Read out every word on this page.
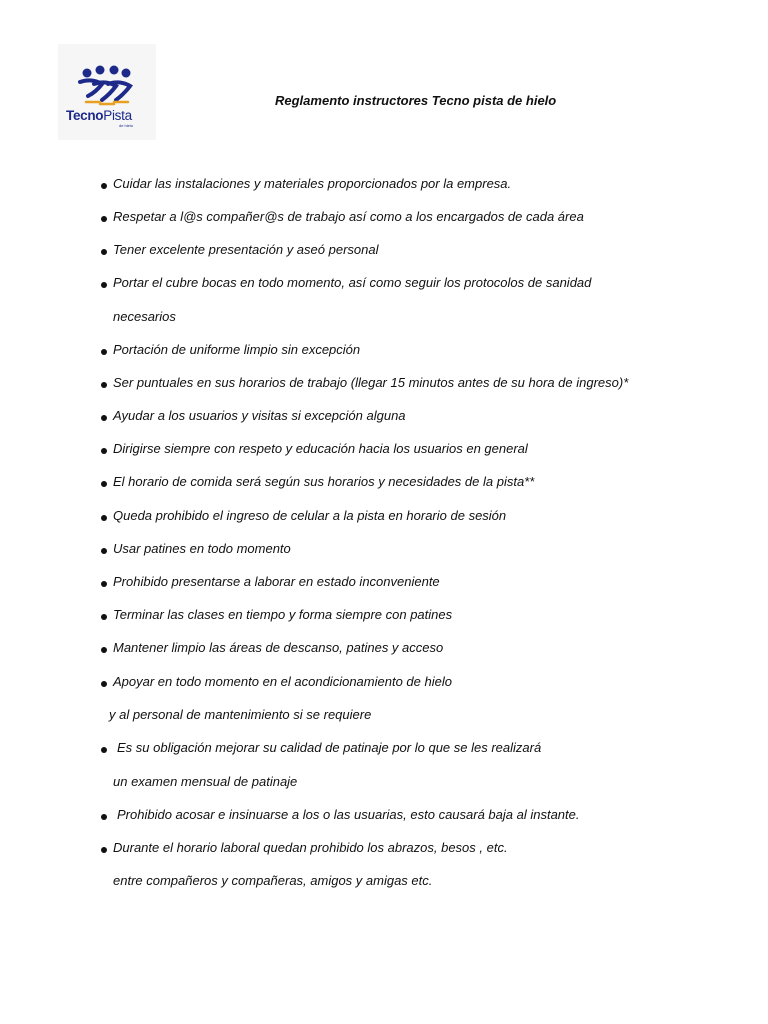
TecnoPista
de hielo
Reglamento instructores Tecno pista de hielo
Cuidar las instalaciones y materiales proporcionados por la empresa.
Respetar a l@s compañer@s de trabajo así como a los encargados de cada área
Tener excelente presentación y aseó personal
Portar el cubre bocas en todo momento, así como seguir los protocolos de sanidad
necesarios
Portación de uniforme limpio sin excepción
Ser puntuales en sus horarios de trabajo (llegar 15 minutos antes de su hora de ingreso)*
Ayudar a los usuarios y visitas si excepción alguna
Dirigirse siempre con respeto y educación hacia los usuarios en general
El horario de comida será según sus horarios y necesidades de la pista**
Queda prohibido el ingreso de celular a la pista en horario de sesión
Usar patines en todo momento
Prohibido presentarse a laborar en estado inconveniente
Terminar las clases en tiempo y forma siempre con patines
Mantener limpio las áreas de descanso, patines y acceso
Apoyar en todo momento en el acondicionamiento de hielo
y al personal de mantenimiento si se requiere
Es su obligación mejorar su calidad de patinaje por lo que se les realizará
un examen mensual de patinaje
Prohibido acosar e insinuarse a los o las usuarias, esto causará baja al instante.
Durante el horario laboral quedan prohibido los abrazos, besos , etc.
entre compañeros y compañeras, amigos y amigas etc.
